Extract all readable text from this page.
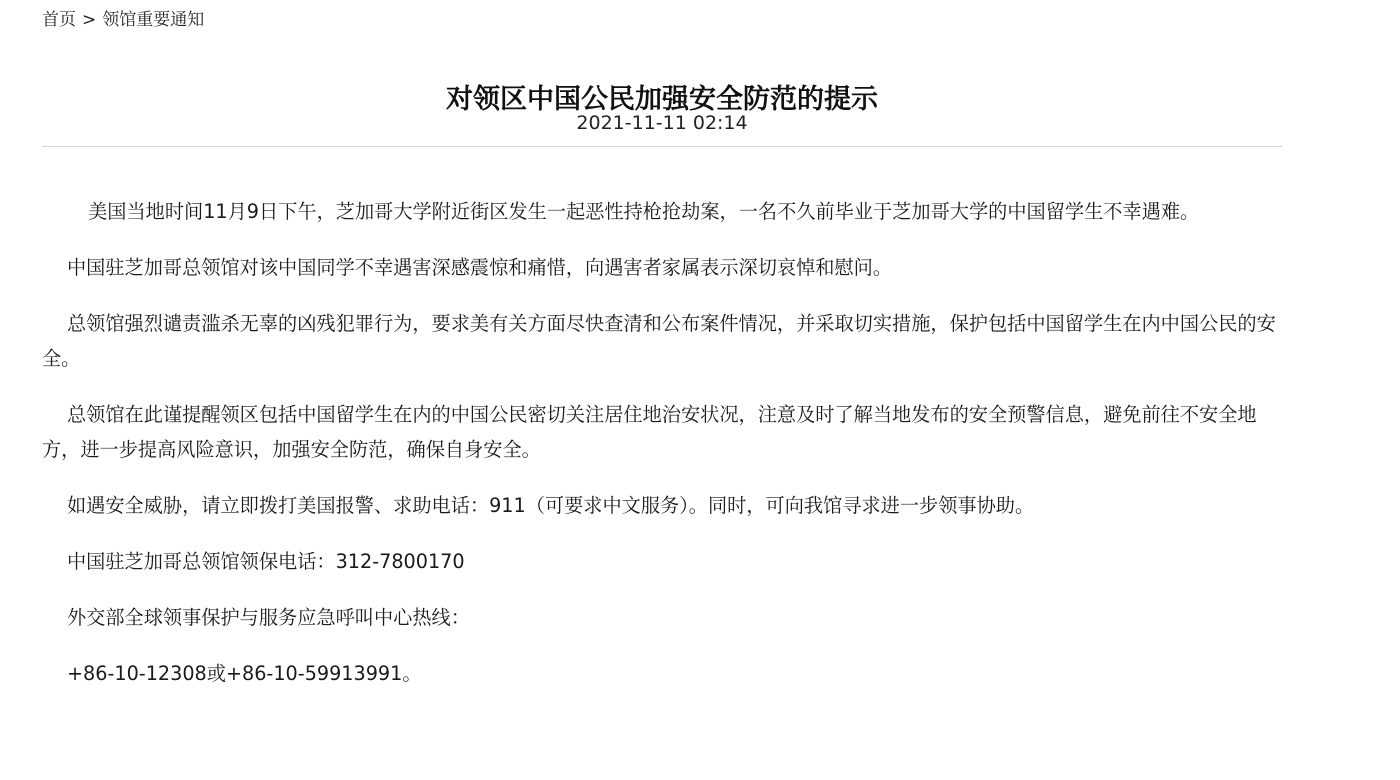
首页 > 领馆重要通知
对领区中国公民加强安全防范的提示
2021-11-11 02:14

美国当地时间11月9日下午，芝加哥大学附近街区发生一起恶性持枪抢劫案，一名不久前毕业于芝加哥大学的中国留学生不幸遇难。

中国驻芝加哥总领馆对该中国同学不幸遇害深感震惊和痛惜，向遇害者家属表示深切哀悼和慰问。

总领馆强烈谴责滥杀无辜的凶残犯罪行为，要求美有关方面尽快查清和公布案件情况，并采取切实措施，保护包括中国留学生在内中国公民的安全。

总领馆在此谨提醒领区包括中国留学生在内的中国公民密切关注居住地治安状况，注意及时了解当地发布的安全预警信息，避免前往不安全地方，进一步提高风险意识，加强安全防范，确保自身安全。

如遇安全威胁，请立即拨打美国报警、求助电话：911（可要求中文服务）。同时，可向我馆寻求进一步领事协助。

中国驻芝加哥总领馆领保电话：312-7800170

外交部全球领事保护与服务应急呼叫中心热线：

+86-10-12308或+86-10-59913991。
